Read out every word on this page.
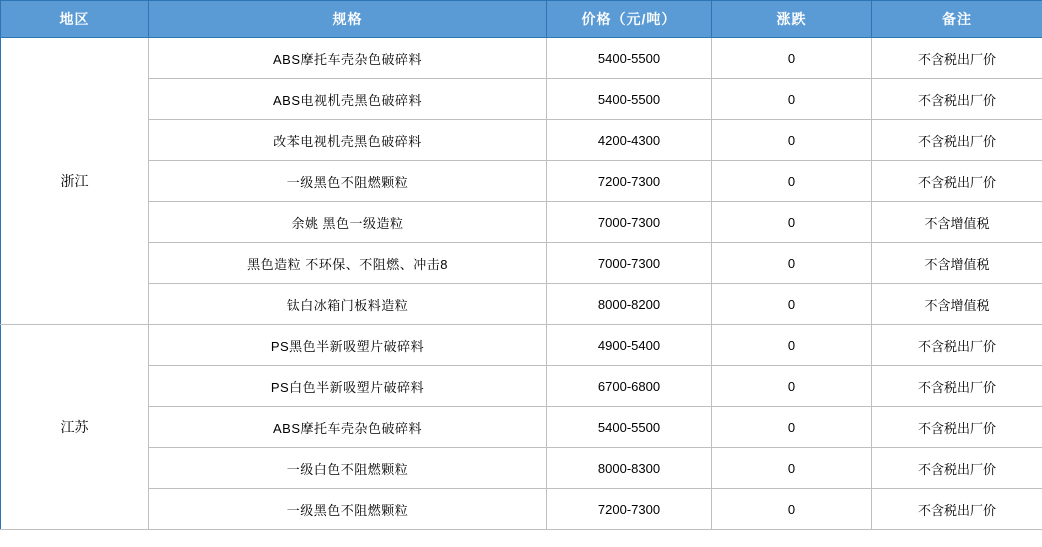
地区	规格	价格（元/吨）	涨跌	备注
浙江	ABS摩托车壳杂色破碎料	5400-5500	0	不含税出厂价
	ABS电视机壳黑色破碎料	5400-5500	0	不含税出厂价
	改苯电视机壳黑色破碎料	4200-4300	0	不含税出厂价
	一级黑色不阻燃颗粒	7200-7300	0	不含税出厂价
	余姚 黑色一级造粒	7000-7300	0	不含增值税
	黑色造粒 不环保、不阻燃、冲击8	7000-7300	0	不含增值税
	钛白冰箱门板料造粒	8000-8200	0	不含增值税
江苏	PS黑色半新吸塑片破碎料	4900-5400	0	不含税出厂价
	PS白色半新吸塑片破碎料	6700-6800	0	不含税出厂价
	ABS摩托车壳杂色破碎料	5400-5500	0	不含税出厂价
	一级白色不阻燃颗粒	8000-8300	0	不含税出厂价
	一级黑色不阻燃颗粒	7200-7300	0	不含税出厂价
